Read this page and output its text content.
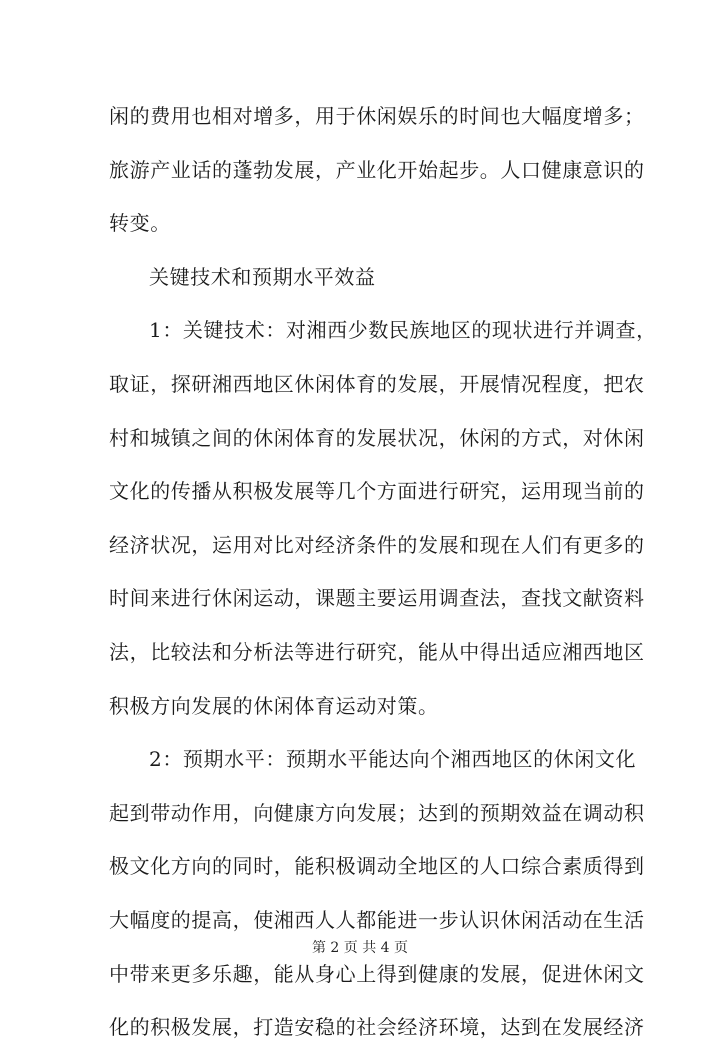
闲的费用也相对增多，用于休闲娱乐的时间也大幅度增多；
旅游产业话的蓬勃发展，产业化开始起步。人口健康意识的
转变。
关键技术和预期水平效益
1：关键技术：对湘西少数民族地区的现状进行并调查，
取证，探研湘西地区休闲体育的发展，开展情况程度，把农
村和城镇之间的休闲体育的发展状况，休闲的方式，对休闲
文化的传播从积极发展等几个方面进行研究，运用现当前的
经济状况，运用对比对经济条件的发展和现在人们有更多的
时间来进行休闲运动，课题主要运用调查法，查找文献资料
法，比较法和分析法等进行研究，能从中得出适应湘西地区
积极方向发展的休闲体育运动对策。
2：预期水平：预期水平能达向个湘西地区的休闲文化
起到带动作用，向健康方向发展；达到的预期效益在调动积
极文化方向的同时，能积极调动全地区的人口综合素质得到
大幅度的提高，使湘西人人都能进一步认识休闲活动在生活
中带来更多乐趣，能从身心上得到健康的发展，促进休闲文
化的积极发展，打造安稳的社会经济环境，达到在发展经济
第 2 页 共 4 页
